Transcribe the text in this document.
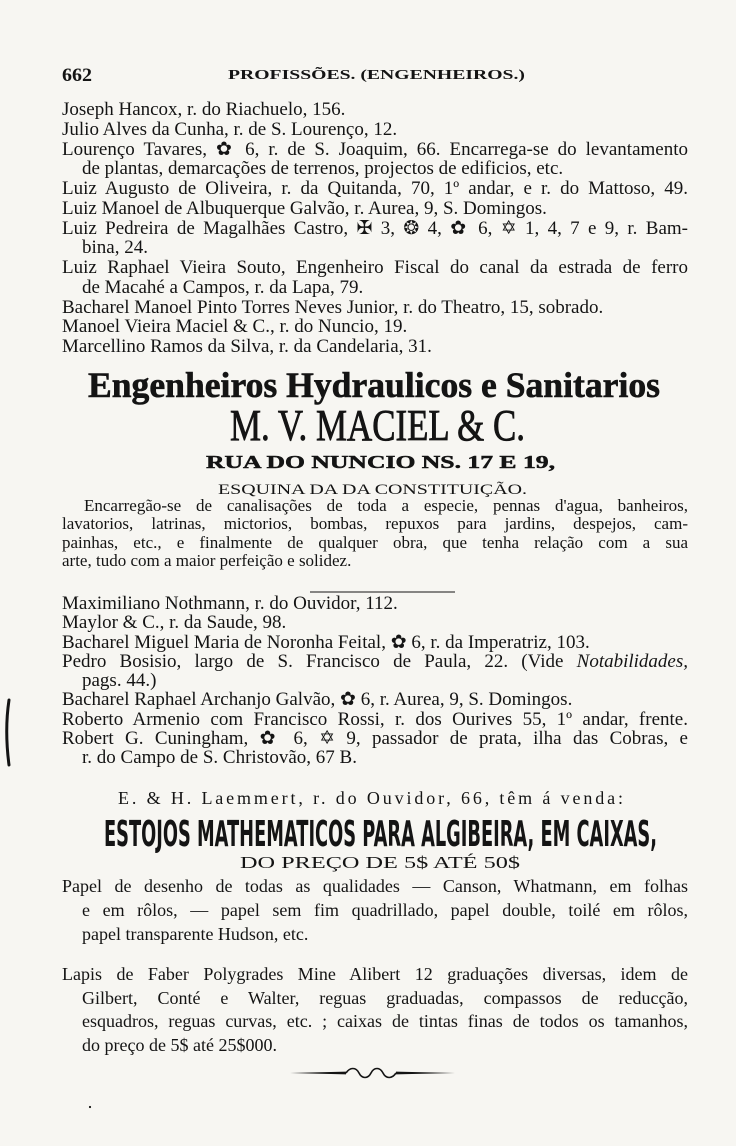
Joseph Hancox, r. do Riachuelo, 156.
Julio Alves da Cunha, r. de S. Lourenço, 12.
Lourenço Tavares, ✿ 6, r. de S. Joaquim, 66. Encarrega-se do levantamento
de plantas, demarcações de terrenos, projectos de edificios, etc.
Luiz Augusto de Oliveira, r. da Quitanda, 70, 1º andar, e r. do Mattoso, 49.
Luiz Manoel de Albuquerque Galvão, r. Aurea, 9, S. Domingos.
Luiz Pedreira de Magalhães Castro, ✠ 3, ❂ 4, ✿ 6, ✡ 1, 4, 7 e 9, r. Bam-
bina, 24.
Luiz Raphael Vieira Souto, Engenheiro Fiscal do canal da estrada de ferro
de Macahé a Campos, r. da Lapa, 79.
Bacharel Manoel Pinto Torres Neves Junior, r. do Theatro, 15, sobrado.
Manoel Vieira Maciel & C., r. do Nuncio, 19.
Marcellino Ramos da Silva, r. da Candelaria, 31.
Encarregão-se de canalisações de toda a especie, pennas d'agua, banheiros,
lavatorios, latrinas, mictorios, bombas, repuxos para jardins, despejos, cam-
painhas, etc., e finalmente de qualquer obra, que tenha relação com a sua
arte, tudo com a maior perfeição e solidez.
Maximiliano Nothmann, r. do Ouvidor, 112.
Maylor & C., r. da Saude, 98.
Bacharel Miguel Maria de Noronha Feital, ✿ 6, r. da Imperatriz, 103.
Pedro Bosisio, largo de S. Francisco de Paula, 22. (Vide Notabilidades,
pags. 44.)
Bacharel Raphael Archanjo Galvão, ✿ 6, r. Aurea, 9, S. Domingos.
Roberto Armenio com Francisco Rossi, r. dos Ourives 55, 1º andar, frente.
Robert G. Cuningham, ✿ 6, ✡ 9, passador de prata, ilha das Cobras, e
r. do Campo de S. Christovão, 67 B.
Papel de desenho de todas as qualidades — Canson, Whatmann, em folhas
e em rôlos, — papel sem fim quadrillado, papel double, toilé em rôlos,
papel transparente Hudson, etc.
Lapis de Faber Polygrades Mine Alibert 12 graduações diversas, idem de
Gilbert, Conté e Walter, reguas graduadas, compassos de reducção,
esquadros, reguas curvas, etc. ; caixas de tintas finas de todos os tamanhos,
do preço de 5$ até 25$000.
662	PROFISSÕES. (ENGENHEIROS.)
Engenheiros Hydraulicos e Sanitarios
M. V. MACIEL & C.
RUA DO NUNCIO NS. 17 E 19,
ESQUINA DA DA CONSTITUIÇÃO.
E. & H. Laemmert, r. do Ouvidor, 66, têm á venda:
ESTOJOS MATHEMATICOS PARA ALGIBEIRA, EM CAIXAS,
DO PREÇO DE 5$ ATÉ 50$
